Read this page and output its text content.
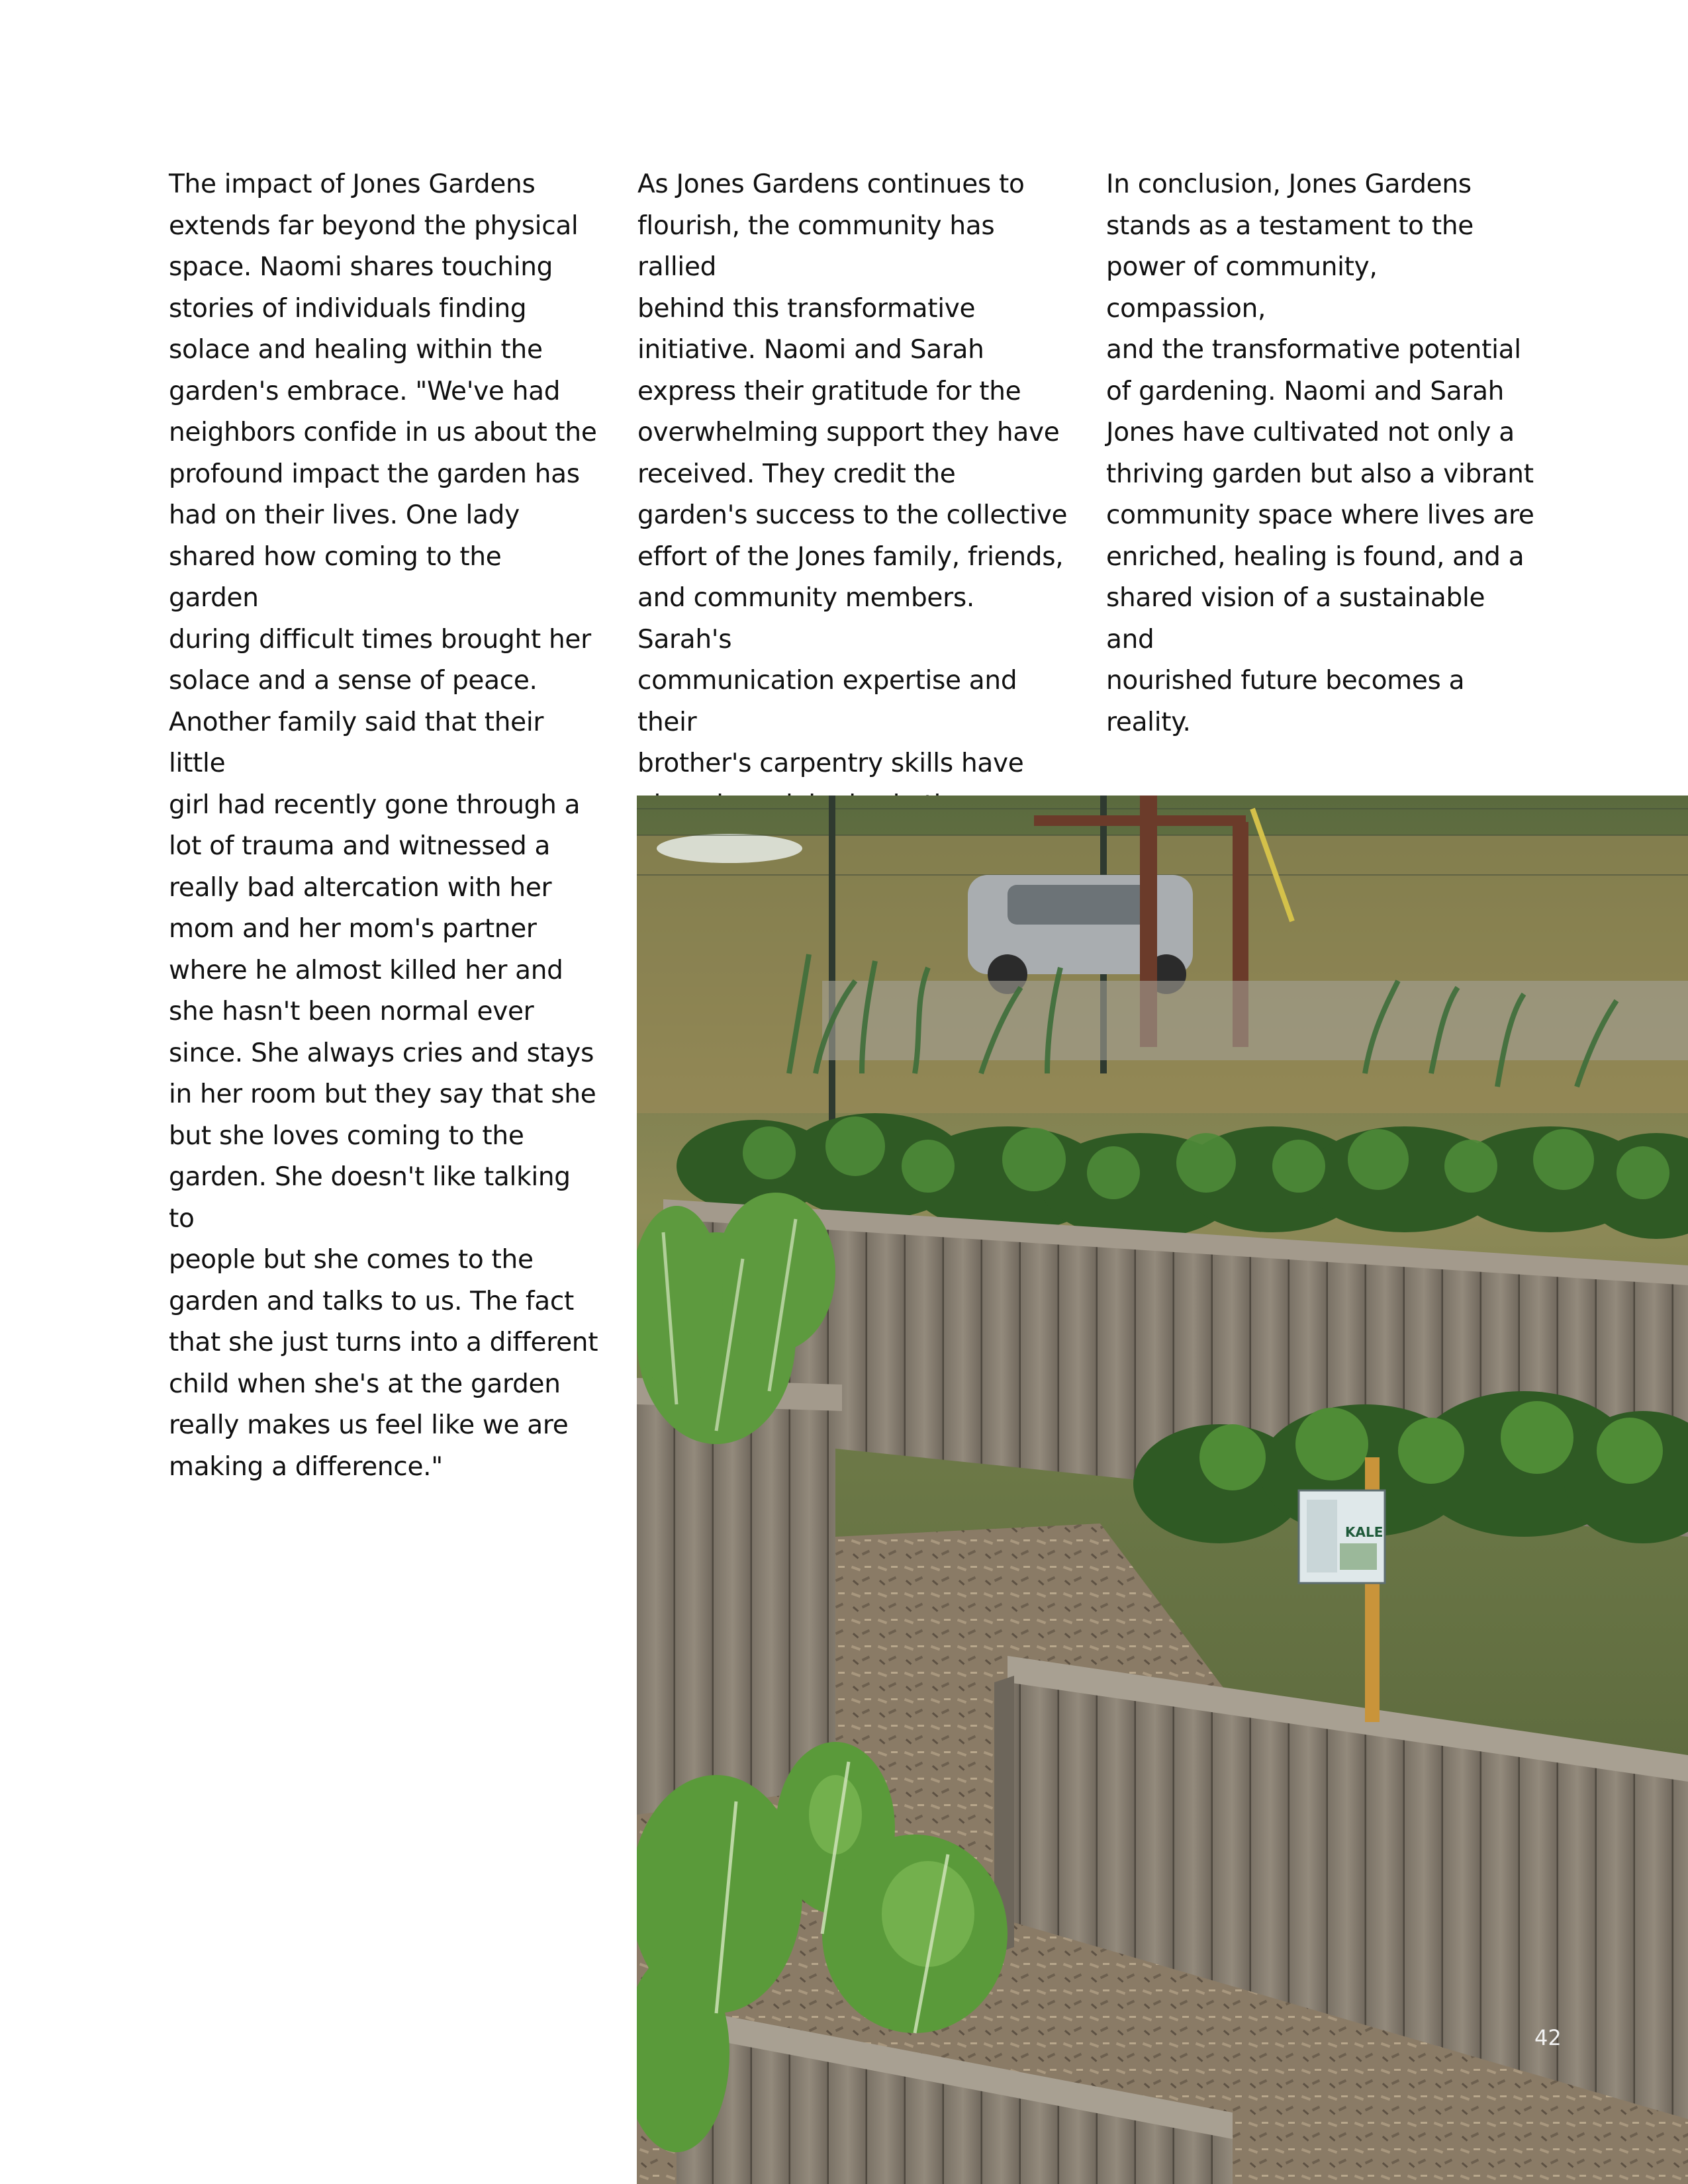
The impact of Jones Gardens
extends far beyond the physical
space. Naomi shares touching
stories of individuals finding
solace and healing within the
garden's embrace. "We've had
neighbors confide in us about the
profound impact the garden has
had on their lives. One lady
shared how coming to the garden
during difficult times brought her
solace and a sense of peace.
Another family said that their little
girl had recently gone through a
lot of trauma and witnessed a
really bad altercation with her
mom and her mom's partner
where he almost killed her and
she hasn't been normal ever
since. She always cries and stays
in her room but they say that she
but she loves coming to the
garden. She doesn't like talking to
people but she comes to the
garden and talks to us. The fact
that she just turns into a different
child when she's at the garden
really makes us feel like we are
making a difference."
As Jones Gardens continues to
flourish, the community has rallied
behind this transformative
initiative. Naomi and Sarah
express their gratitude for the
overwhelming support they have
received. They credit the
garden's success to the collective
effort of the Jones family, friends,
and community members. Sarah's
communication expertise and their
brother's carpentry skills have

In conclusion, Jones Gardens
stands as a testament to the
power of community, compassion,
and the transformative potential
of gardening. Naomi and Sarah
Jones have cultivated not only a
thriving garden but also a vibrant
community space where lives are
enriched, healing is found, and a
shared vision of a sustainable and
nourished future becomes a
reality.
KALE
42
